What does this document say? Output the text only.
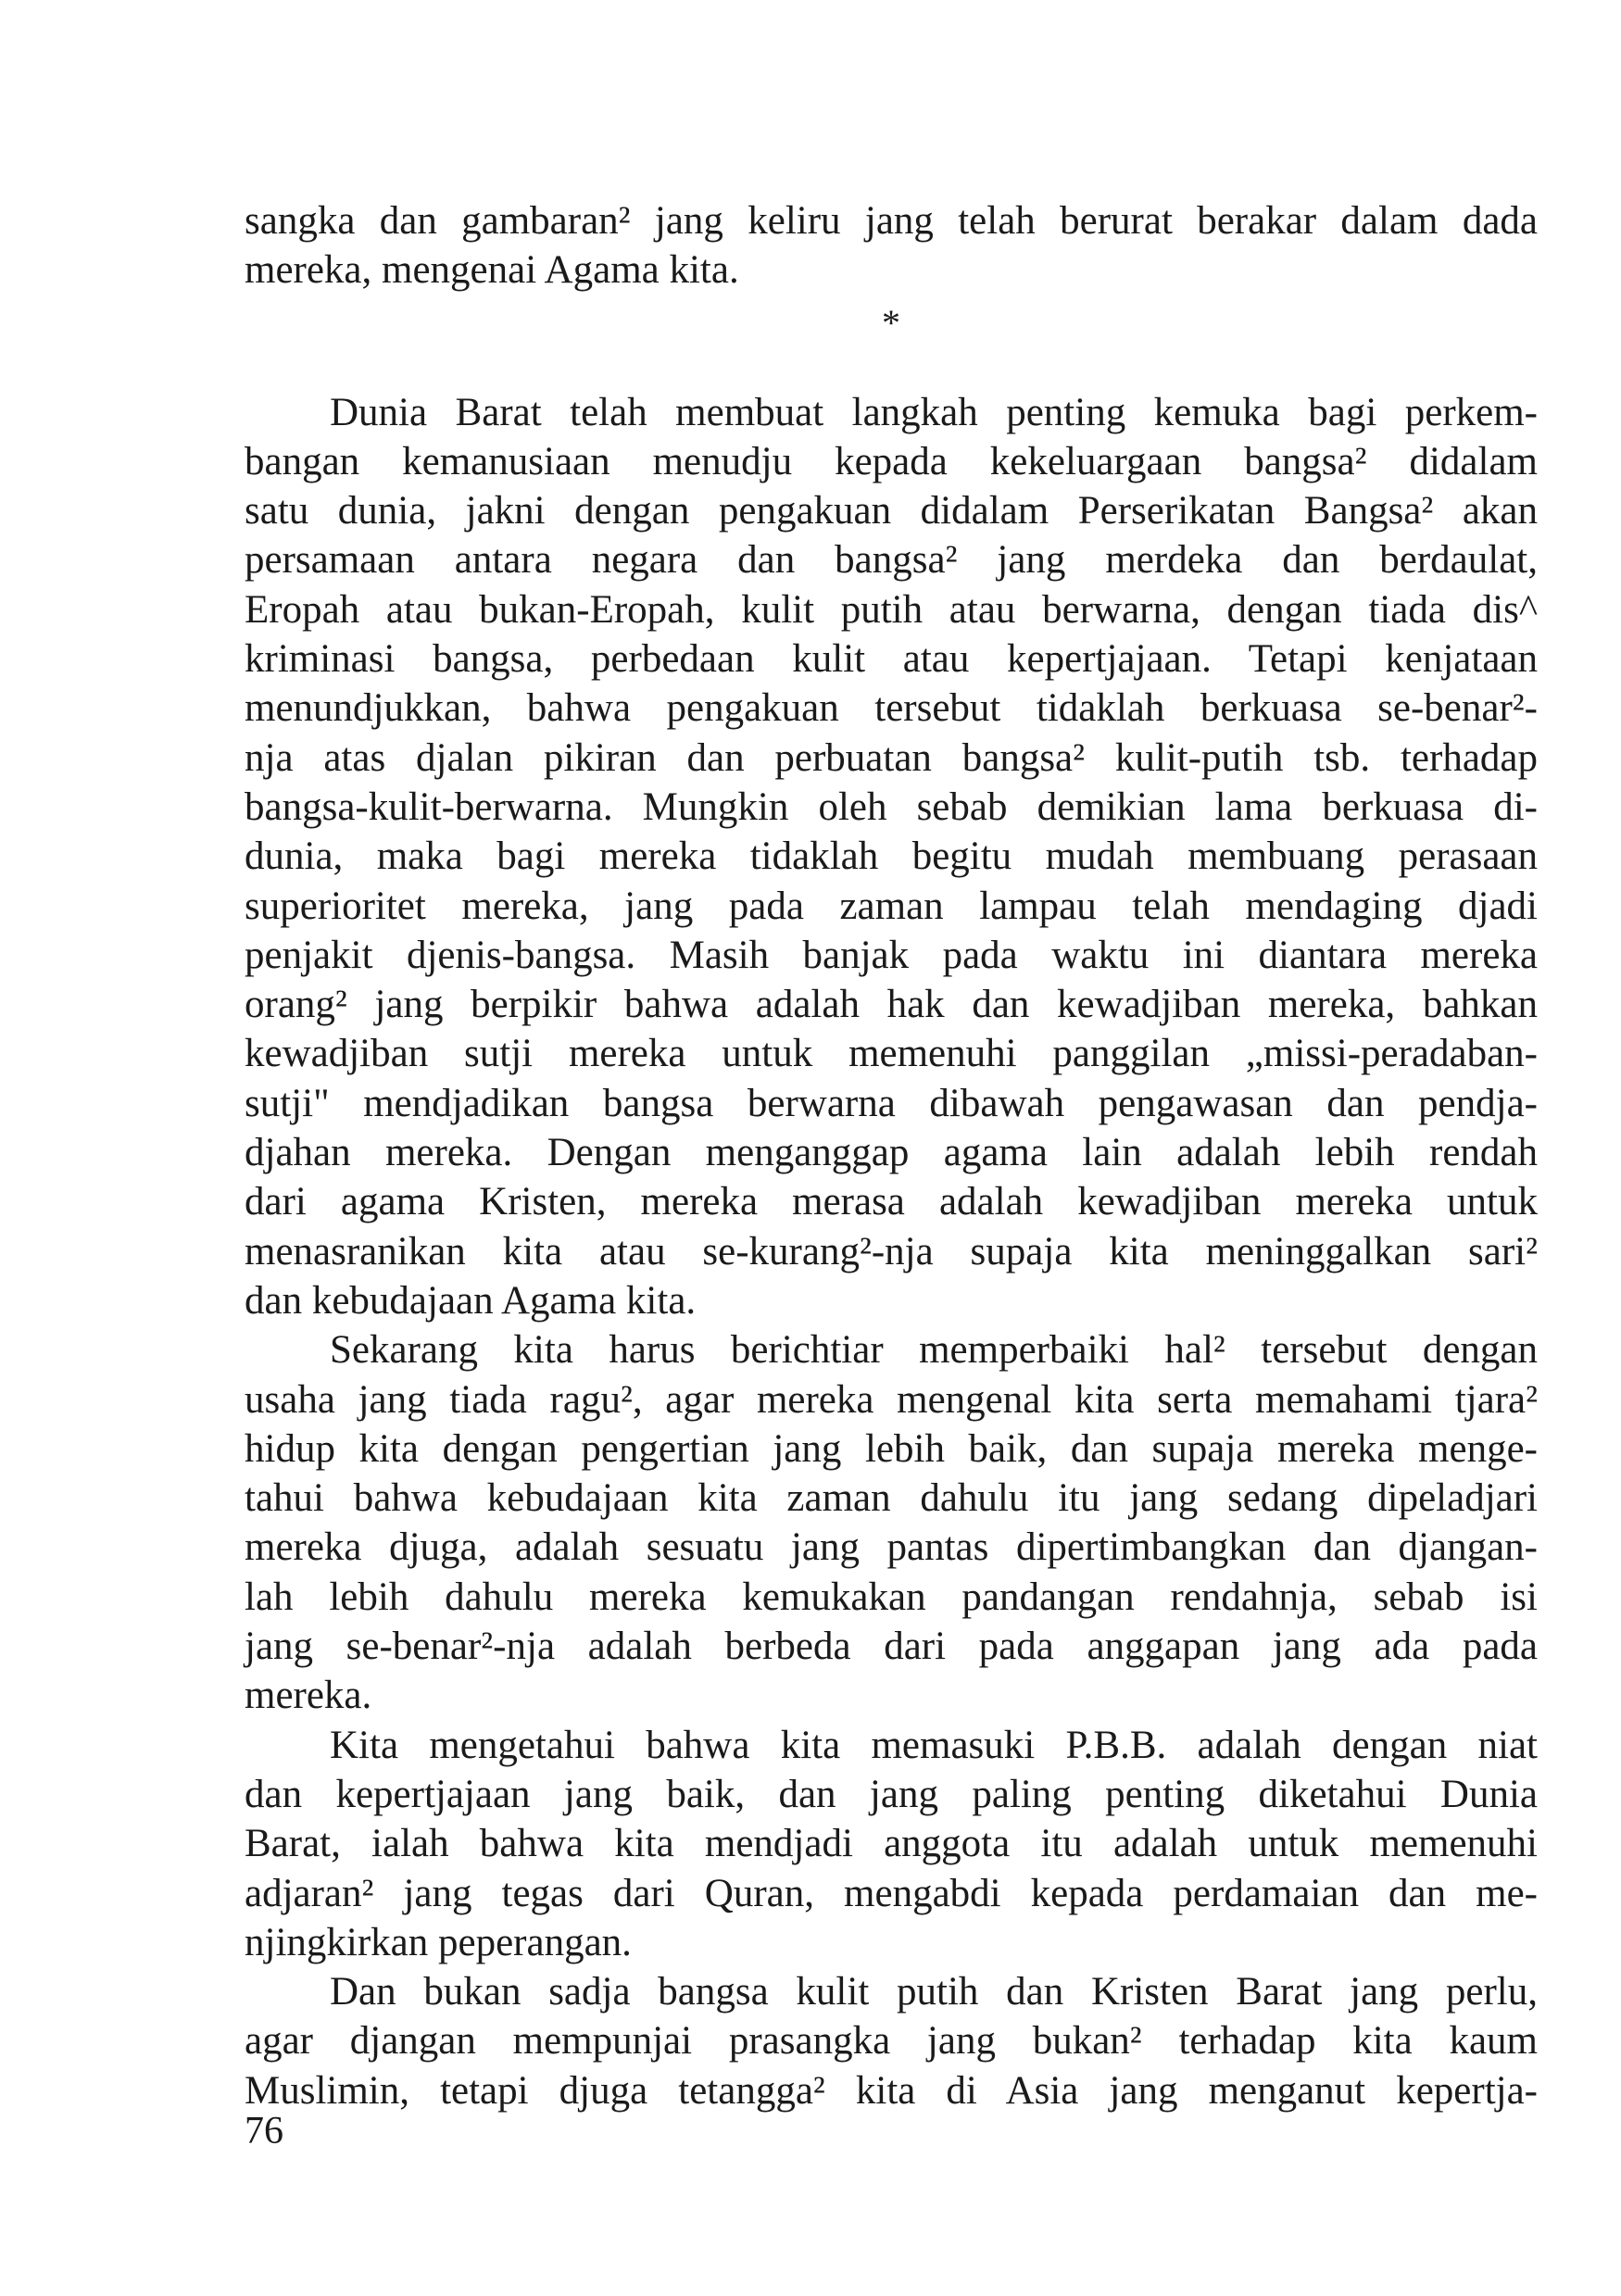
sangka dan gambaran² jang keliru jang telah berurat berakar dalam dada
mereka, mengenai Agama kita.
*
Dunia Barat telah membuat langkah penting kemuka bagi perkem-
bangan kemanusiaan menudju kepada kekeluargaan bangsa² didalam
satu dunia, jakni dengan pengakuan didalam Perserikatan Bangsa² akan
persamaan antara negara dan bangsa² jang merdeka dan berdaulat,
Eropah atau bukan-Eropah, kulit putih atau berwarna, dengan tiada dis^
kriminasi bangsa, perbedaan kulit atau kepertjajaan. Tetapi kenjataan
menundjukkan, bahwa pengakuan tersebut tidaklah berkuasa se-benar²-
nja atas djalan pikiran dan perbuatan bangsa² kulit-putih tsb. terhadap
bangsa-kulit-berwarna. Mungkin oleh sebab demikian lama berkuasa di-
dunia, maka bagi mereka tidaklah begitu mudah membuang perasaan
superioritet mereka, jang pada zaman lampau telah mendaging djadi
penjakit djenis-bangsa. Masih banjak pada waktu ini diantara mereka
orang² jang berpikir bahwa adalah hak dan kewadjiban mereka, bahkan
kewadjiban sutji mereka untuk memenuhi panggilan „missi-peradaban-
sutji" mendjadikan bangsa berwarna dibawah pengawasan dan pendja-
djahan mereka. Dengan menganggap agama lain adalah lebih rendah
dari agama Kristen, mereka merasa adalah kewadjiban mereka untuk
menasranikan kita atau se-kurang²-nja supaja kita meninggalkan sari²
dan kebudajaan Agama kita.
Sekarang kita harus berichtiar memperbaiki hal² tersebut dengan
usaha jang tiada ragu², agar mereka mengenal kita serta memahami tjara²
hidup kita dengan pengertian jang lebih baik, dan supaja mereka menge-
tahui bahwa kebudajaan kita zaman dahulu itu jang sedang dipeladjari
mereka djuga, adalah sesuatu jang pantas dipertimbangkan dan djangan-
lah lebih dahulu mereka kemukakan pandangan rendahnja, sebab isi
jang se-benar²-nja adalah berbeda dari pada anggapan jang ada pada
mereka.
Kita mengetahui bahwa kita memasuki P.B.B. adalah dengan niat
dan kepertjajaan jang baik, dan jang paling penting diketahui Dunia
Barat, ialah bahwa kita mendjadi anggota itu adalah untuk memenuhi
adjaran² jang tegas dari Quran, mengabdi kepada perdamaian dan me-
njingkirkan peperangan.
Dan bukan sadja bangsa kulit putih dan Kristen Barat jang perlu,
agar djangan mempunjai prasangka jang bukan² terhadap kita kaum
Muslimin, tetapi djuga tetangga² kita di Asia jang menganut kepertja-
76
